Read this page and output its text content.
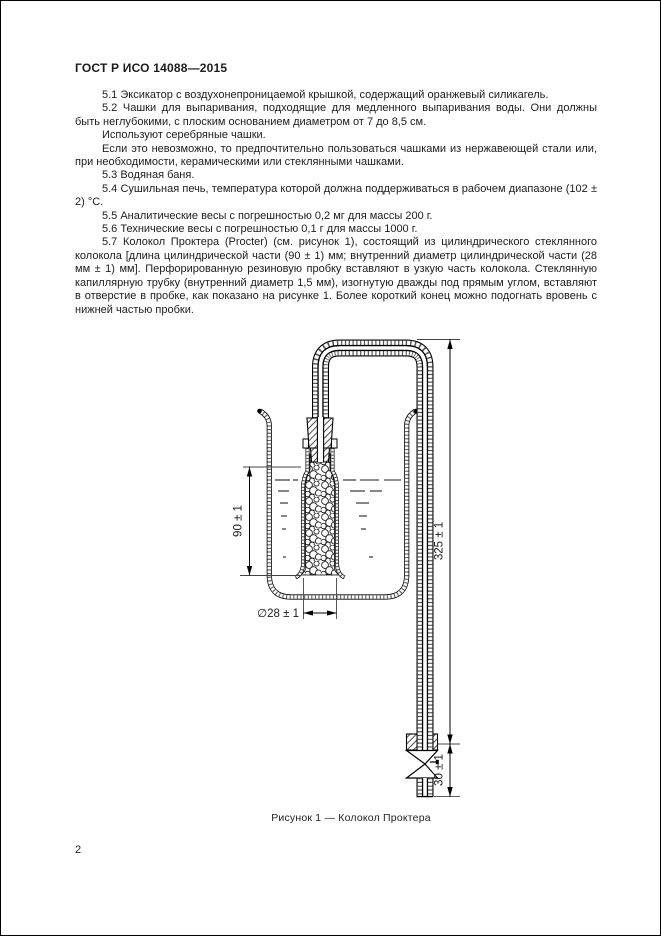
ГОСТ Р ИСО 14088—2015

5.1 Эксикатор с воздухонепроницаемой крышкой, содержащий оранжевый силикагель.

5.2 Чашки для выпаривания, подходящие для медленного выпаривания воды. Они должны быть неглубокими, с плоским основанием диаметром от 7 до 8,5 см.

Используют серебряные чашки.

Если это невозможно, то предпочтительно пользоваться чашками из нержавеющей стали или, при необходимости, керамическими или стеклянными чашками.

5.3 Водяная баня.

5.4 Сушильная печь, температура которой должна поддерживаться в рабочем диапазоне (102 ± 2) °С.

5.5 Аналитические весы с погрешностью 0,2 мг для массы 200 г.

5.6 Технические весы с погрешностью 0,1 г для массы 1000 г.

5.7 Колокол Проктера (Procter) (см. рисунок 1), состоящий из цилиндрического стеклянного колокола [длина цилиндрической части (90 ± 1) мм; внутренний диаметр цилиндрической части (28 мм ± 1) мм]. Перфорированную резиновую пробку вставляют в узкую часть колокола. Стеклянную капиллярную трубку (внутренний диаметр 1,5 мм), изогнутую дважды под прямым углом, вставляют в отверстие в пробке, как показано на рисунке 1. Более короткий конец можно подогнать вровень с нижней частью пробки.

90 ± 1
∅28 ± 1
325 ± 1
30 ± 1
Рисунок 1 — Колокол Проктера
2
